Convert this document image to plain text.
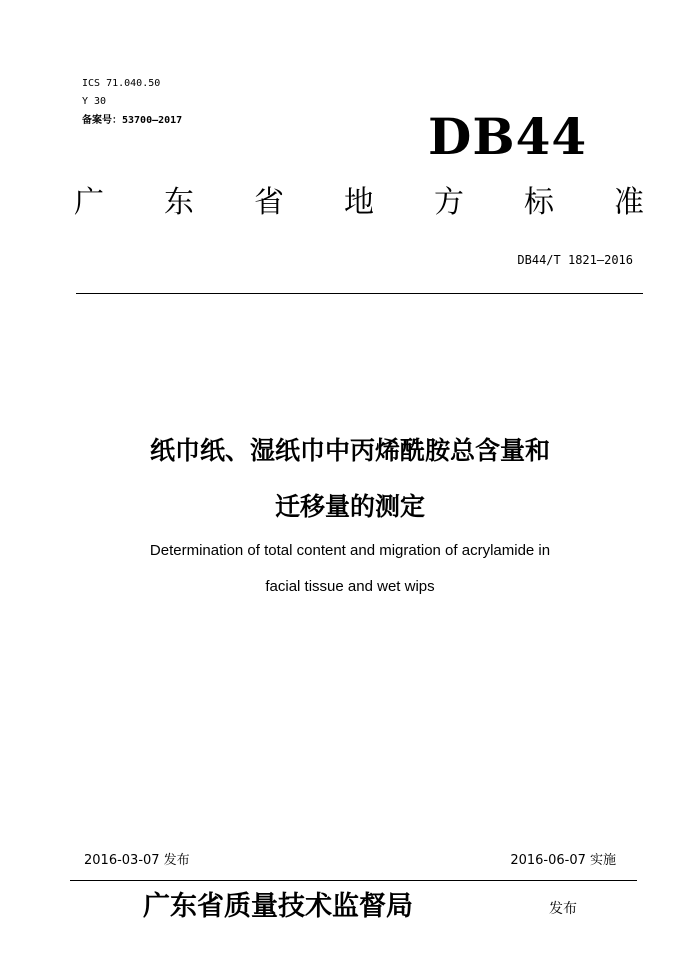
ICS 71.040.50
Y 30
备案号：53700—2017	DB44
广 东 省 地 方 标 准
DB44/T 1821—2016
纸巾纸、湿纸巾中丙烯酰胺总含量和
迁移量的测定
Determination of total content and migration of acrylamide in
facial tissue and wet wips
2016-03-07 发布	2016-06-07 实施
广东省质量技术监督局	发布
